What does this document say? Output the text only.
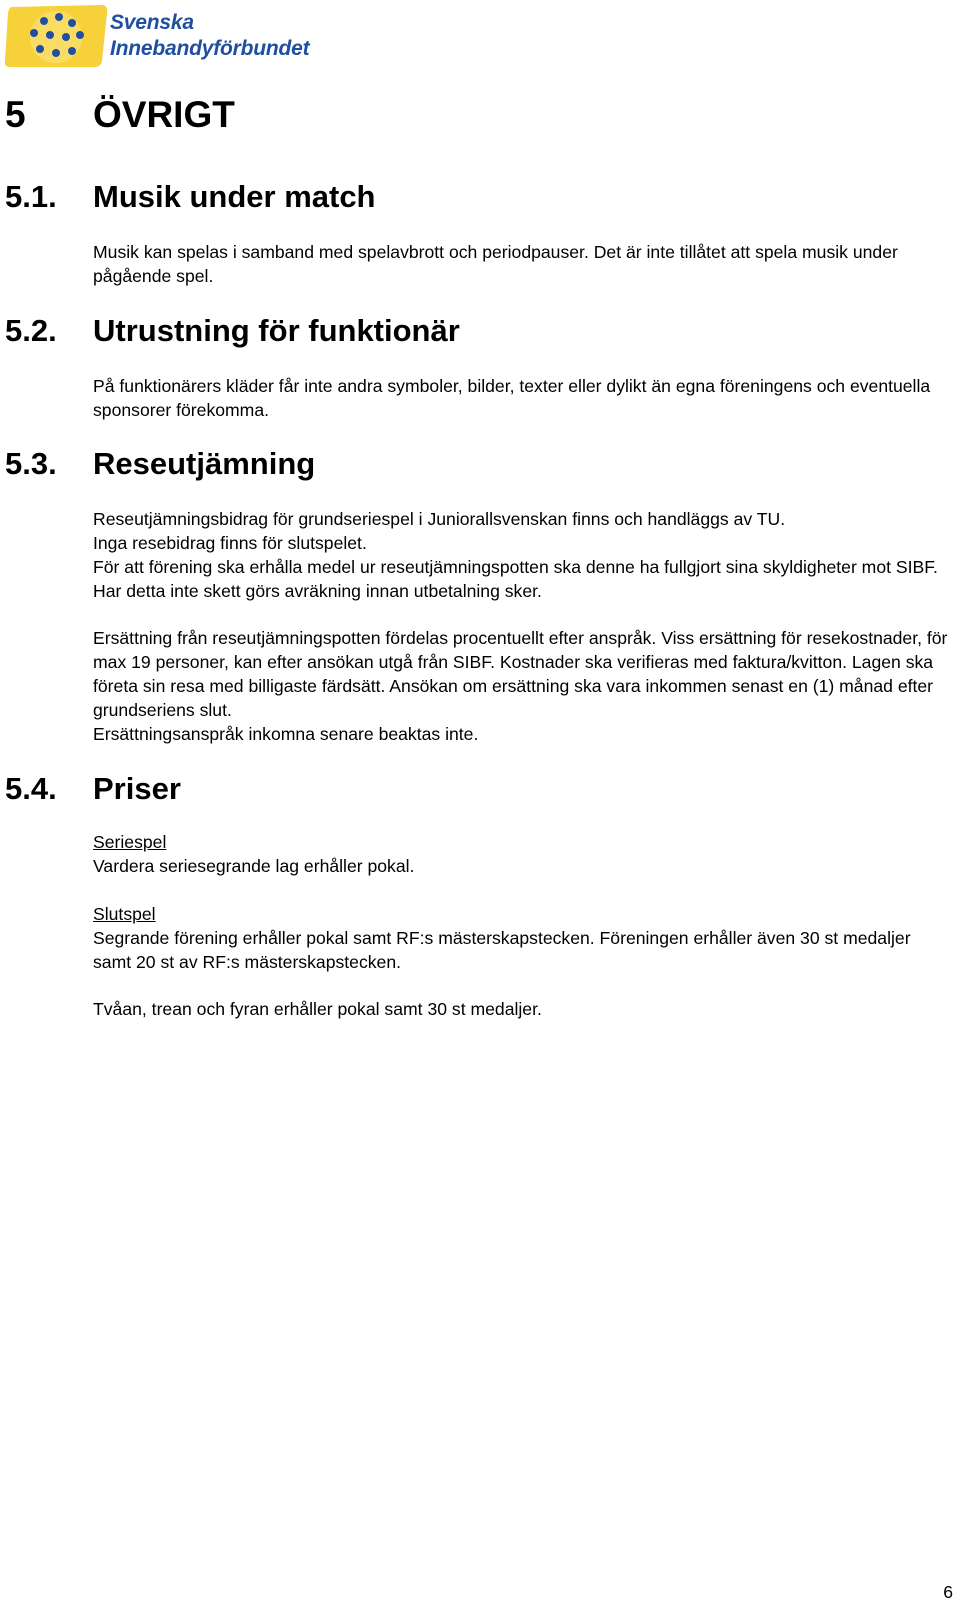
Svenska
Innebandyförbundet
5 ÖVRIGT
5.1. Musik under match

Musik kan spelas i samband med spelavbrott och periodpauser. Det är inte tillåtet att spela musik under pågående spel.

5.2. Utrustning för funktionär

På funktionärers kläder får inte andra symboler, bilder, texter eller dylikt än egna föreningens och eventuella sponsorer förekomma.

5.3. Reseutjämning

Reseutjämningsbidrag för grundseriespel i Juniorallsvenskan finns och handläggs av TU.

Inga resebidrag finns för slutspelet.

För att förening ska erhålla medel ur reseutjämningspotten ska denne ha fullgjort sina skyldigheter mot SIBF. Har detta inte skett görs avräkning innan utbetalning sker.

Ersättning från reseutjämningspotten fördelas procentuellt efter anspråk. Viss ersättning för resekostnader, för max 19 personer, kan efter ansökan utgå från SIBF. Kostnader ska verifieras med faktura/kvitton. Lagen ska företa sin resa med billigaste färdsätt. Ansökan om ersättning ska vara inkommen senast en (1) månad efter grundseriens slut.

Ersättningsanspråk inkomna senare beaktas inte.

5.4. Priser

Seriespel

Vardera seriesegrande lag erhåller pokal.

Slutspel

Segrande förening erhåller pokal samt RF:s mästerskapstecken. Föreningen erhåller även 30 st medaljer samt 20 st av RF:s mästerskapstecken.

Tvåan, trean och fyran erhåller pokal samt 30 st medaljer.

6
